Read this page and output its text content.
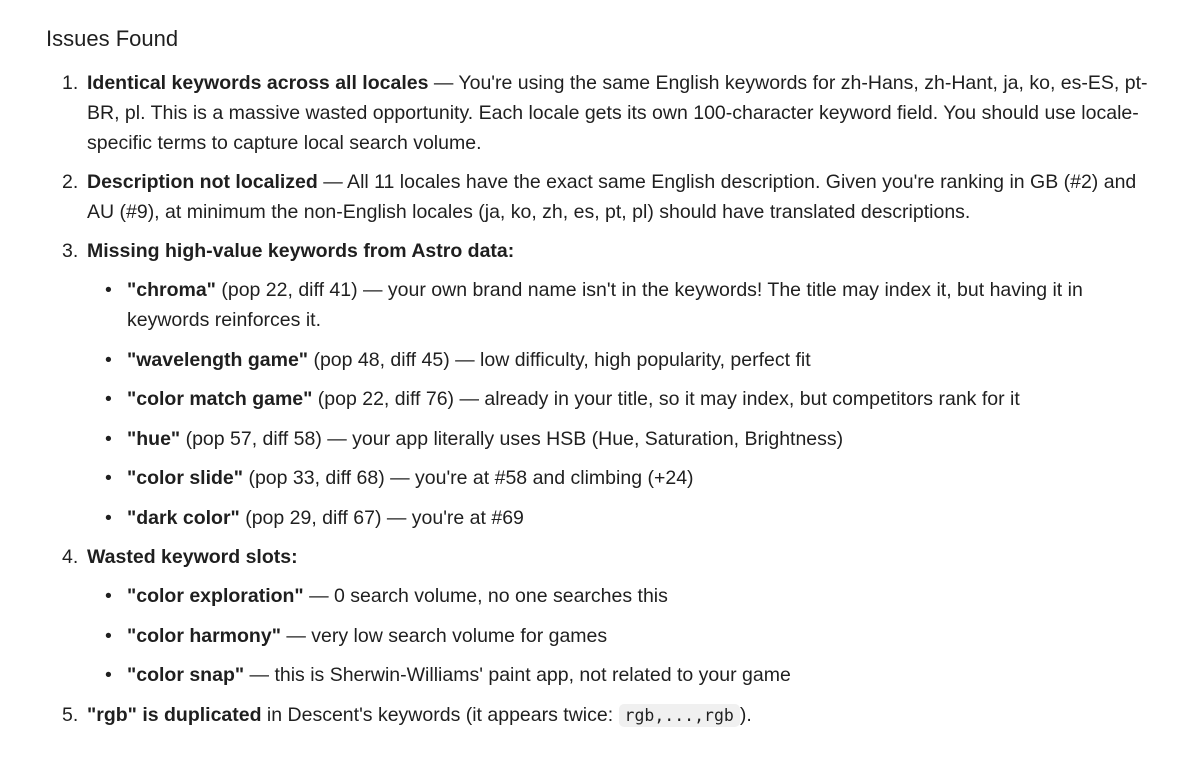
Issues Found
1. Identical keywords across all locales — You're using the same English keywords for zh-Hans, zh-Hant, ja, ko, es-ES, pt-BR, pl. This is a massive wasted opportunity. Each locale gets its own 100-character keyword field. You should use locale-specific terms to capture local search volume.
2. Description not localized — All 11 locales have the exact same English description. Given you're ranking in GB (#2) and AU (#9), at minimum the non-English locales (ja, ko, zh, es, pt, pl) should have translated descriptions.
3. Missing high-value keywords from Astro data:
• "chroma" (pop 22, diff 41) — your own brand name isn't in the keywords! The title may index it, but having it in keywords reinforces it.
• "wavelength game" (pop 48, diff 45) — low difficulty, high popularity, perfect fit
• "color match game" (pop 22, diff 76) — already in your title, so it may index, but competitors rank for it
• "hue" (pop 57, diff 58) — your app literally uses HSB (Hue, Saturation, Brightness)
• "color slide" (pop 33, diff 68) — you're at #58 and climbing (+24)
• "dark color" (pop 29, diff 67) — you're at #69
4. Wasted keyword slots:
• "color exploration" — 0 search volume, no one searches this
• "color harmony" — very low search volume for games
• "color snap" — this is Sherwin-Williams' paint app, not related to your game
5. "rgb" is duplicated in Descent's keywords (it appears twice: rgb,...,rgb ).
